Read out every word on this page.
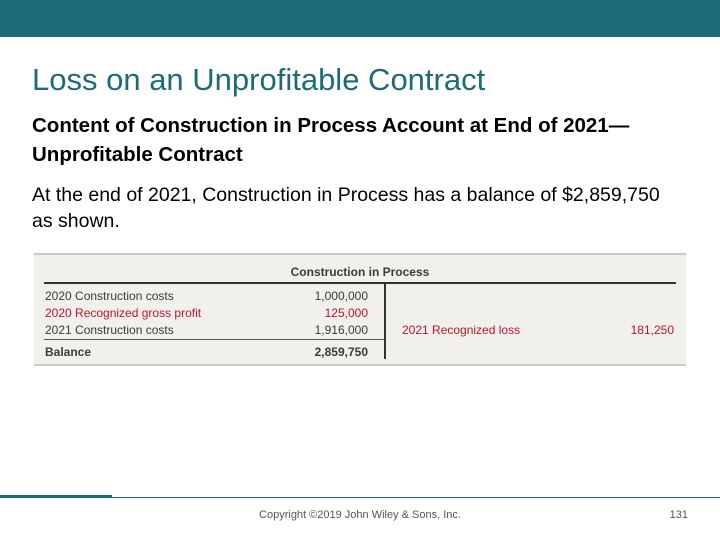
Loss on an Unprofitable Contract
Content of Construction in Process Account at End of 2021—Unprofitable Contract

At the end of 2021, Construction in Process has a balance of $2,859,750 as shown.

Construction in Process
2020 Construction costs	1,000,000
2020 Recognized gross profit	125,000
2021 Construction costs	1,916,000	2021 Recognized loss	181,250
Balance	2,859,750
Copyright ©2019 John Wiley & Sons, Inc.	131
